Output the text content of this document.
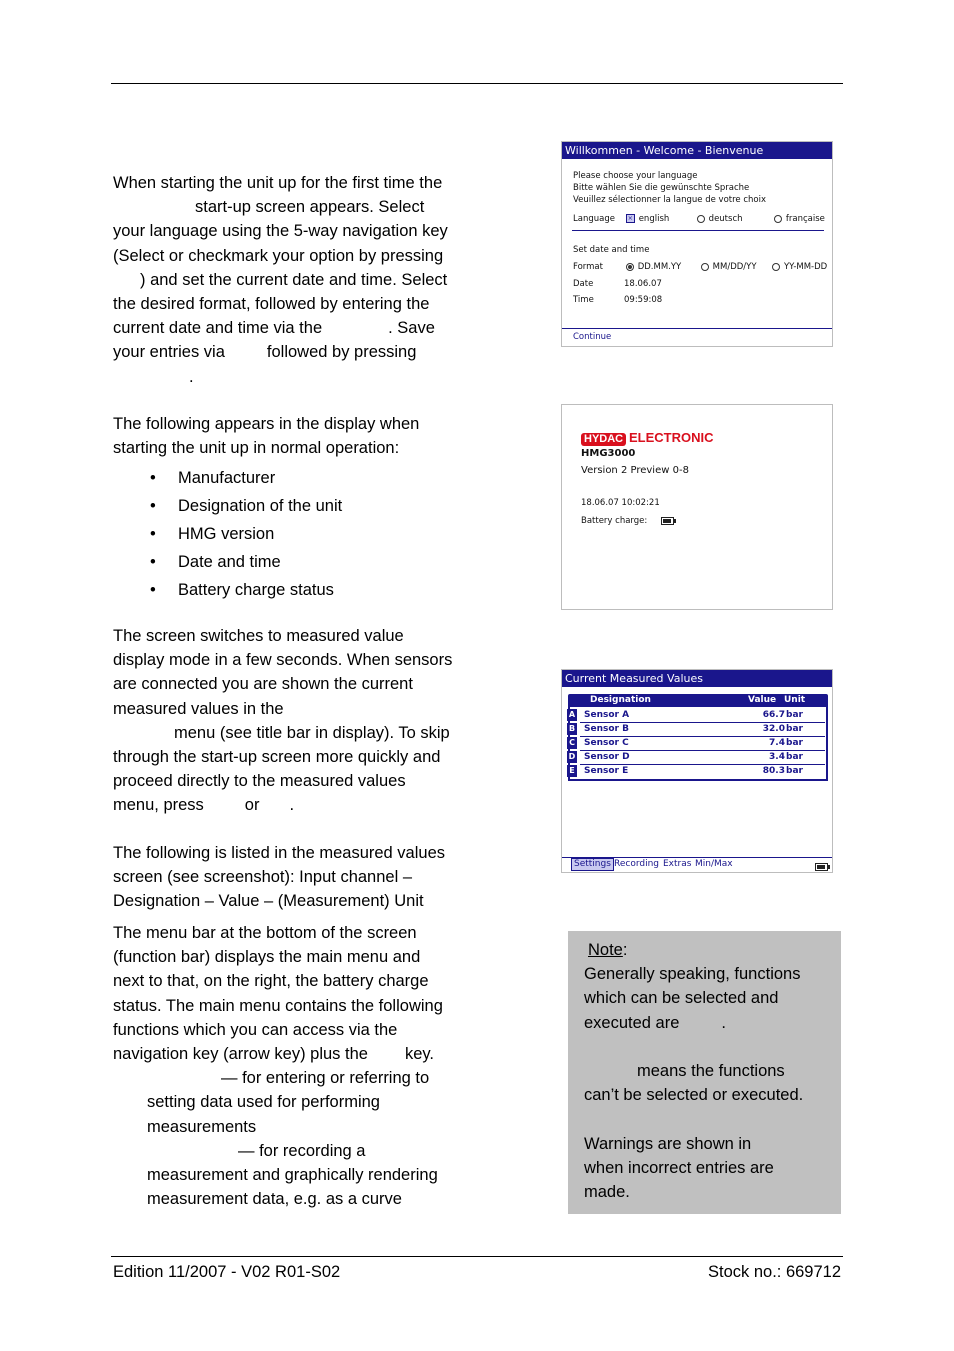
When starting the unit up for the first time the

start-up screen appears. Select

your language using the 5-way navigation key

(Select or checkmark your option by pressing

) and set the current date and time. Select

the desired format, followed by entering the

current date and time via the	. Save

your entries via	followed by pressing

.

The following appears in the display when

starting the unit up in normal operation:

• Manufacturer
• Designation of the unit
• HMG version
• Date and time
• Battery charge status

The screen switches to measured value

display mode in a few seconds. When sensors

are connected you are shown the current

measured values in the

menu (see title bar in display). To skip

through the start-up screen more quickly and

proceed directly to the measured values

menu, press or .

The following is listed in the measured values

screen (see screenshot): Input channel –

Designation – Value – (Measurement) Unit

The menu bar at the bottom of the screen

(function bar) displays the main menu and

next to that, on the right, the battery charge

status. The main menu contains the following

functions which you can access via the

navigation key (arrow key) plus the key.

— for entering or referring to

setting data used for performing

measurements

— for recording a

measurement and graphically rendering

measurement data, e.g. as a curve

Willkommen - Welcome - Bienvenue
Please choose your language
Bitte wählen Sie die gewünschte Sprache
Veuillez sélectionner la langue de votre choix
Language × english	deutsch	française
Set date and time
Format	DD.MM.YY	MM/DD/YY	YY-MM-DD
Date	18.06.07
Time	09:59:08
Continue
HYDAC ELECTRONIC
HMG3000
Version 2 Preview 0-8
18.06.07 10:02:21
Battery charge:
Current Measured Values
Designation	Value Unit
A Sensor A	66.7 bar
B Sensor B	32.0 bar
C Sensor C	7.4 bar
D Sensor D	3.4 bar
E Sensor E	80.3 bar
Settings Recording Extras Min/Max

Note:

Generally speaking, functions

which can be selected and

executed are	.

means the functions

can’t be selected or executed.

Warnings are shown in

when incorrect entries are

made.

Edition 11/2007 - V02 R01-S02	Stock no.: 669712
